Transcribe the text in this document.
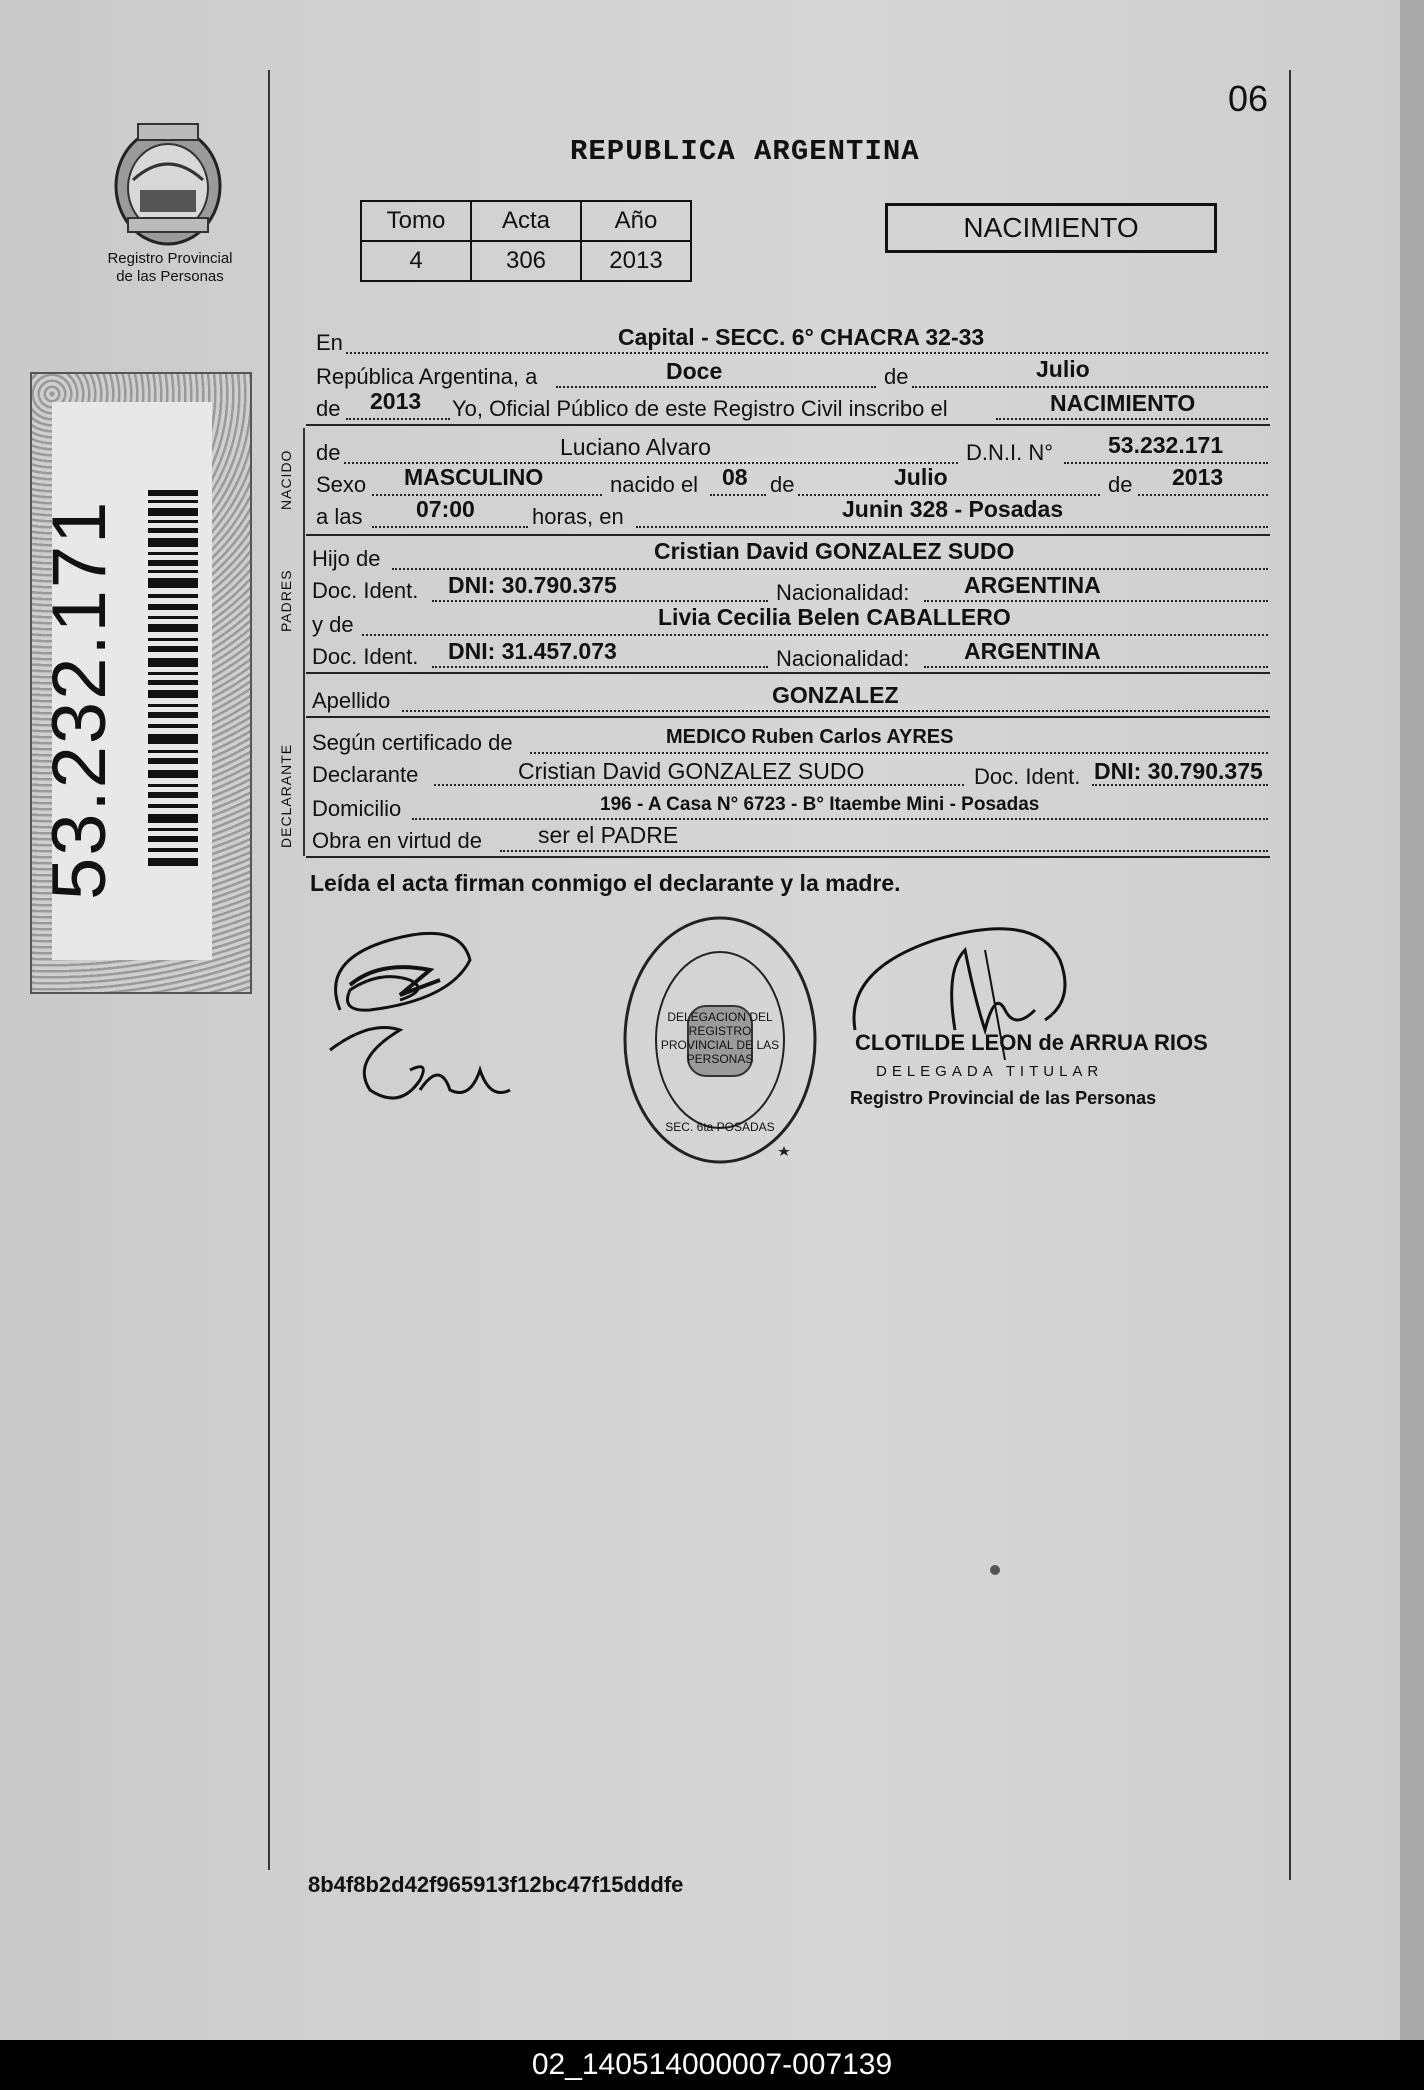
06
REPUBLICA ARGENTINA
Registro Provincial
de las Personas
Tomo	Acta	Año
4	306	2013
NACIMIENTO
53.232.171
NACIDO
PADRES
DECLARANTE
En	Capital - SECC. 6° CHACRA 32-33
República Argentina, a	Doce	de	Julio
de 2013 Yo, Oficial Público de este Registro Civil inscribo el	NACIMIENTO
de	Luciano Alvaro	D.N.I. N° 53.232.171
Sexo MASCULINO	nacido el 08 de	Julio	de 2013
a las 07:00	horas, en	Junin 328 - Posadas
Hijo de	Cristian David GONZALEZ SUDO
Doc. Ident. DNI: 30.790.375	Nacionalidad: ARGENTINA
y de	Livia Cecilia Belen CABALLERO
Doc. Ident. DNI: 31.457.073	Nacionalidad: ARGENTINA
Apellido	GONZALEZ
Según certificado de	MEDICO Ruben Carlos AYRES
Declarante	Cristian David GONZALEZ SUDO	Doc. Ident. DNI: 30.790.375
Domicilio	196 - A Casa N° 6723 - B° Itaembe Mini - Posadas
Obra en virtud de ser el PADRE
Leída el acta firman conmigo el declarante y la madre.
DELEGACION DEL REGISTRO PROVINCIAL DE LAS PERSONAS
SEC. 6ta POSADAS
CLOTILDE LEON de ARRUA RIOS
DELEGADA TITULAR
Registro Provincial de las Personas
8b4f8b2d42f965913f12bc47f15dddfe
02_140514000007-007139
